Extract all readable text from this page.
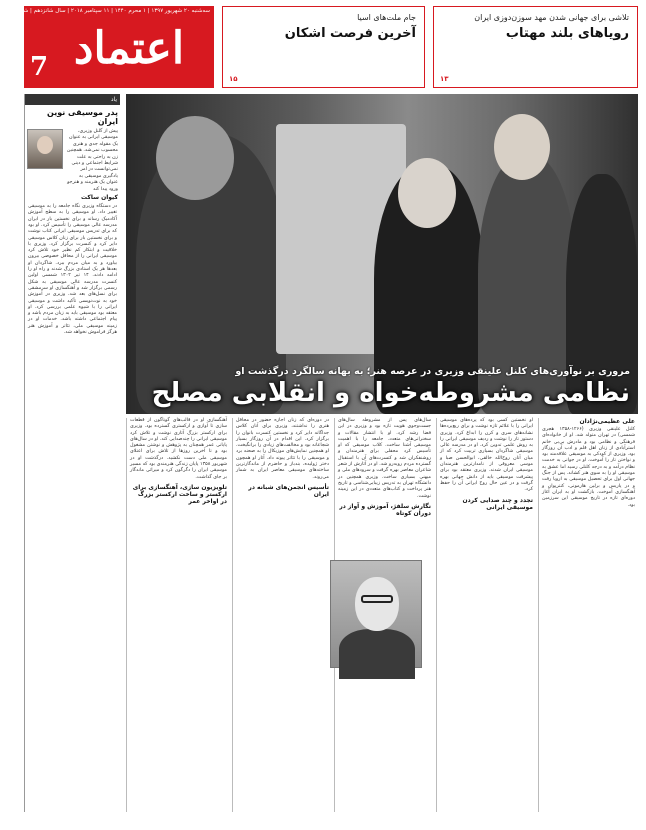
تلاشی برای جهانی شدن مهد سوزن‌دوزی ایران
رویاهای بلند مهتاب
۱۳
جام ملت‌های اسیا
آخرین فرصت اشکان
۱۵
سه‌شنبه ۲۰ شهریور ۱۳۹۷ | ۱ محرم ۱۴۴۰ | ۱۱ سپتامبر ۲۰۱۸ | سال شانزدهم | شماره ۴۱۸۱
اعتماد
7
یاد
پدر موسیقی نوین ایران
پیش از گلنل وزیری، موسیقی ایرانی به عنوان یک مقوله جدی و هنری محسوب نمی‌شد. همچنین زن به راحتی به علت شرایط اجتماعی و دینی نمی‌توانست در امر یادگیری موسیقی به عنوان یک هنرمند و هنرجو ورود پیدا کند
کیوان ساکت
در دستگاه وزیری نگاه جامعه را به موسیقی تغییر داد. او موسیقی را به سطح آموزش آکادمیک رساند و برای نخستین بار در ایران مدرسه عالی موسیقی را تأسیس کرد. او بود که برای تدریس موسیقی ایرانی کتاب نوشت و برای نخستین بار برای زنان کلاس موسیقی دایر کرد و کنسرت برگزار کرد. وزیری با خلاقیت و ابتکار کم نظیر خود تلاش کرد موسیقی ایرانی را از محافل خصوصی بیرون بیاورد و به میان مردم ببرد. شاگردان او بعدها هر یک استادی بزرگ شدند و راه او را ادامه دادند. ۱۴ تیر ۱۳۰۲ شمسی اولین کنسرت مدرسه عالی موسیقی به شکل رسمی برگزار شد و آهنگسازی او سرمشقی برای نسل‌های بعد شد. وزیری در آموزش خود به نوت‌نویسی تأکید داشت و موسیقی ایرانی را با شیوه علمی بررسی کرد. او معتقد بود موسیقی باید به زبان مردم باشد و پیام اجتماعی داشته باشد. خدمات او در زمینه موسیقی ملی، تئاتر و آموزش هنر هرگز فراموش نخواهد شد.
مروری بر نوآوری‌های کلنل علینقی وزیری در عرصه هنر؛ به بهانه سالگرد درگذشت او
نظامی مشروطه‌خواه و انقلابی مصلح
علی عظیمی‌نژادان
کلنل علینقی وزیری (۱۲۶۶-۱۳۵۸ هجری شمسی) در تهران متولد شد. او از خانواده‌ای فرهنگی و نظامی بود و مادرش بی‌بی خانم استرآبادی از زنان اهل قلم و ادب آن روزگار بود. وزیری از کودکی به موسیقی علاقه‌مند بود و نواختن تار را آموخت. او در جوانی به خدمت نظام درآمد و به درجه کلنلی رسید اما عشق به موسیقی او را به سوی هنر کشاند. پس از جنگ جهانی اول برای تحصیل موسیقی به اروپا رفت و در پاریس و برلین هارمونی، کنترپوان و آهنگسازی آموخت. بازگشت او به ایران آغاز دوره‌ای تازه در تاریخ موسیقی این سرزمین بود.
او نخستین کسی بود که پرده‌های موسیقی ایرانی را با علائم تازه نوشت و برای ربع‌پرده‌ها نشانه‌های سری و کرن را ابداع کرد. وزیری دستور تار را نوشت و ردیف موسیقی ایرانی را به روش علمی تدوین کرد. او در مدرسه عالی موسیقی شاگردان بسیاری تربیت کرد که از میان آنان روح‌الله خالقی، ابوالحسن صبا و موسی معروفی از نامدارترین هنرمندان موسیقی ایران شدند. وزیری معتقد بود برای پیشرفت موسیقی باید از دانش جهانی بهره گرفت و در عین حال روح ایرانی آن را حفظ کرد.
تجدد و چند صدایی کردن موسیقی ایرانی
سال‌های پس از مشروطه سال‌های جست‌وجوی هویت تازه بود و وزیری در این فضا رشد کرد. او با انتشار مقالات و سخنرانی‌های متعدد، جامعه را با اهمیت موسیقی آشنا ساخت. کلاب موسیقی که او تأسیس کرد محفلی برای هنرمندان و روشنفکران شد و کنسرت‌های آن با استقبال گسترده مردم روبه‌رو شد. او در آثارش از شعر شاعران معاصر بهره گرفت و سرودهای ملی و میهنی بسیاری ساخت. وزیری همچنین در دانشگاه تهران به تدریس زیبایی‌شناسی و تاریخ هنر پرداخت و کتاب‌های متعددی در این زمینه نوشت.
نگارش سلفژ، آموزش و آواز در دوران کوتاه
در دوره‌ای که زنان اجازه حضور در محافل هنری را نداشتند، وزیری برای آنان کلاس جداگانه دایر کرد و نخستین کنسرت بانوان را برگزار کرد. این اقدام در آن روزگار بسیار شجاعانه بود و مخالفت‌های زیادی را برانگیخت. او همچنین نمایش‌های موزیکال را به صحنه برد و موسیقی را با تئاتر پیوند داد. آثار او همچون دختر ژولیده، بندباز و حاضرم از ماندگارترین ساخته‌های موسیقی معاصر ایران به شمار می‌روند.
تأسیس انجمن‌های شبانه در ایران
آهنگسازی او در قالب‌های گوناگون از قطعات سازی تا آوازی و ارکستری گسترده بود. وزیری برای ارکستر بزرگ آثاری نوشت و تلاش کرد موسیقی ایرانی را چندصدایی کند. او در سال‌های پایانی عمر همچنان به پژوهش و نوشتن مشغول بود و تا آخرین روزها از تلاش برای اعتلای موسیقی ملی دست نکشید. درگذشت او در شهریور ۱۳۵۸ پایان زندگی هنرمندی بود که مسیر موسیقی ایران را دگرگون کرد و میراثی ماندگار بر جای گذاشت.
تلویزیون سازی، آهنگسازی برای ارکستر و ساخت ارکستر بزرگ در اواخر عمر
